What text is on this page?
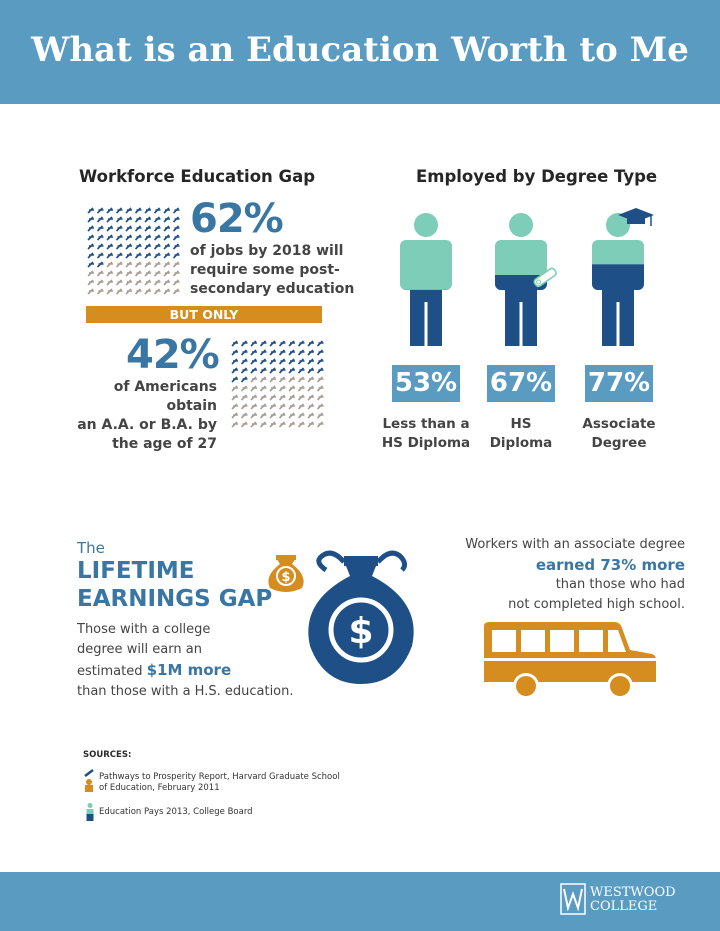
What is an Education Worth to Me
Workforce Education Gap
62%
of jobs by 2018 will
require some post-
secondary education
BUT ONLY
42%
of Americans obtain
an A.A. or B.A. by
the age of 27
Employed by Degree Type
53% 67% 77%
Less than a
HS Diploma
HS
Diploma
Associate
Degree
The
LIFETIME
EARNINGS GAP
Those with a college
degree will earn an
estimated $1M more
than those with a H.S. education.
$
$
Workers with an associate degree
earned 73% more
than those who had
not completed high school.
SOURCES:
Pathways to Prosperity Report, Harvard Graduate School
of Education, February 2011
Education Pays 2013, College Board
WESTWOOD
COLLEGE
